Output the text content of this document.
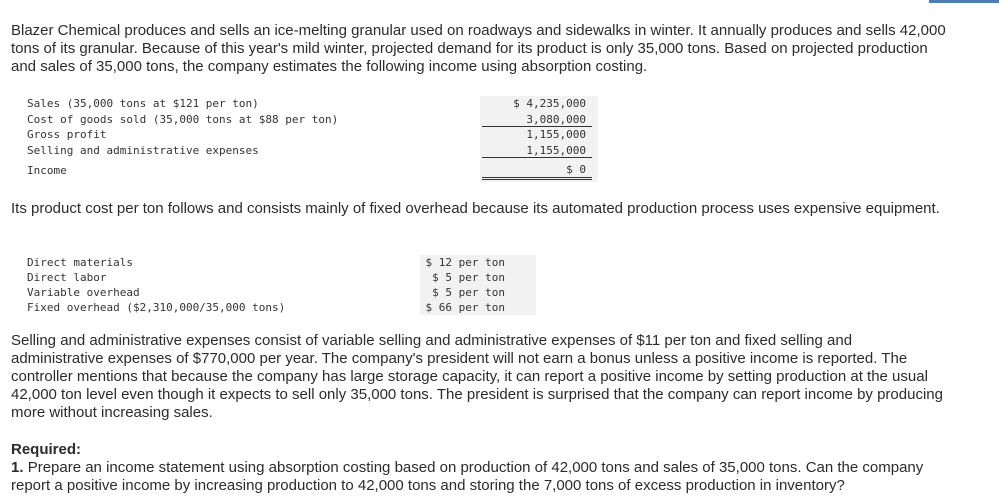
Blazer Chemical produces and sells an ice-melting granular used on roadways and sidewalks in winter. It annually produces and sells 42,000 tons of its granular. Because of this year's mild winter, projected demand for its product is only 35,000 tons. Based on projected production and sales of 35,000 tons, the company estimates the following income using absorption costing.

Sales (35,000 tons at $121 per ton)	$ 4,235,000
Cost of goods sold (35,000 tons at $88 per ton)	3,080,000
Gross profit	1,155,000
Selling and administrative expenses	1,155,000
Income	$ 0

Its product cost per ton follows and consists mainly of fixed overhead because its automated production process uses expensive equipment.

Direct materials	$ 12 per ton
Direct labor	$ 5 per ton
Variable overhead	$ 5 per ton
Fixed overhead ($2,310,000/35,000 tons)	$ 66 per ton

Selling and administrative expenses consist of variable selling and administrative expenses of $11 per ton and fixed selling and administrative expenses of $770,000 per year. The company's president will not earn a bonus unless a positive income is reported. The controller mentions that because the company has large storage capacity, it can report a positive income by setting production at the usual 42,000 ton level even though it expects to sell only 35,000 tons. The president is surprised that the company can report income by producing more without increasing sales.

Required:
1. Prepare an income statement using absorption costing based on production of 42,000 tons and sales of 35,000 tons. Can the company report a positive income by increasing production to 42,000 tons and storing the 7,000 tons of excess production in inventory?
